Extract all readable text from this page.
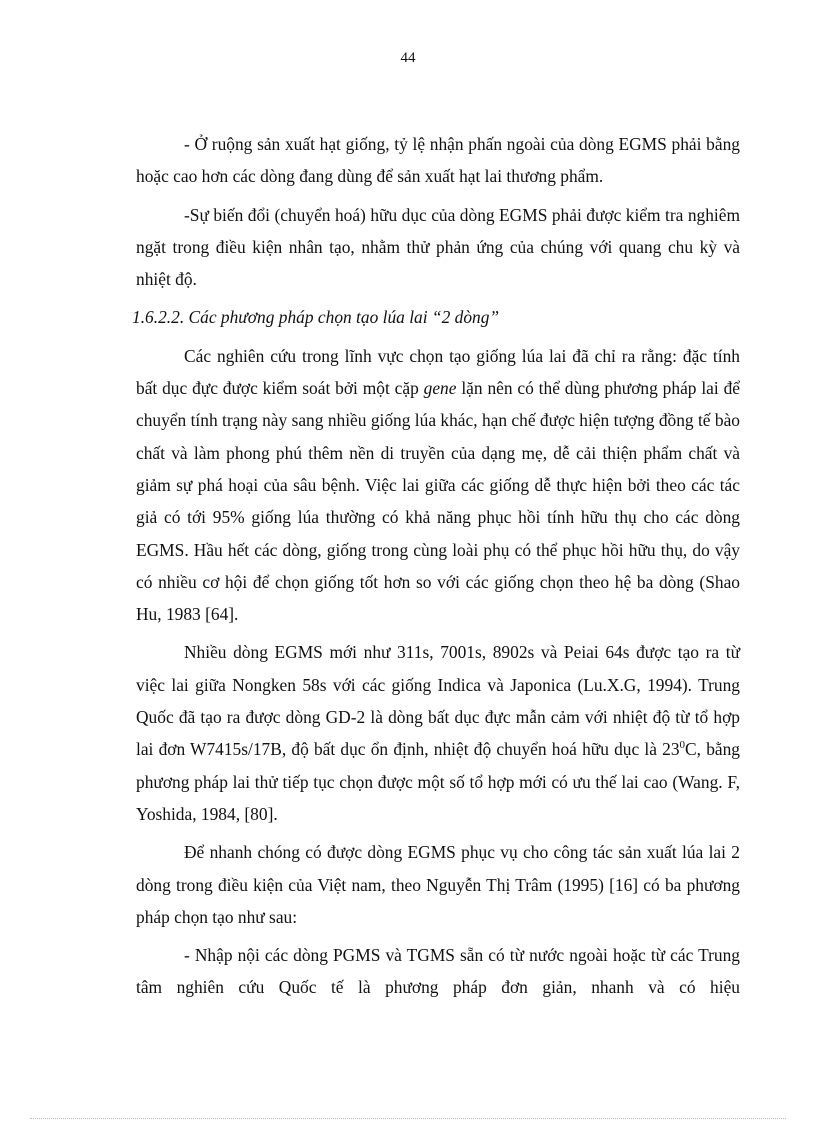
44

- Ở ruộng sản xuất hạt giống, tỷ lệ nhận phấn ngoài của dòng EGMS phải bằng hoặc cao hơn các dòng đang dùng để sản xuất hạt lai thương phẩm.

-Sự biến đổi (chuyển hoá) hữu dục của dòng EGMS phải được kiểm tra nghiêm ngặt trong điều kiện nhân tạo, nhằm thử phản ứng của chúng với quang chu kỳ và nhiệt độ.

1.6.2.2. Các phương pháp chọn tạo lúa lai “2 dòng”

Các nghiên cứu trong lĩnh vực chọn tạo giống lúa lai đã chỉ ra rằng: đặc tính bất dục đực được kiểm soát bởi một cặp gene lặn nên có thể dùng phương pháp lai để chuyển tính trạng này sang nhiều giống lúa khác, hạn chế được hiện tượng đồng tế bào chất và làm phong phú thêm nền di truyền của dạng mẹ, dễ cải thiện phẩm chất và giảm sự phá hoại của sâu bệnh. Việc lai giữa các giống dễ thực hiện bởi theo các tác giả có tới 95% giống lúa thường có khả năng phục hồi tính hữu thụ cho các dòng EGMS. Hầu hết các dòng, giống trong cùng loài phụ có thể phục hồi hữu thụ, do vậy có nhiều cơ hội để chọn giống tốt hơn so với các giống chọn theo hệ ba dòng (Shao Hu, 1983 [64].

Nhiều dòng EGMS mới như 311s, 7001s, 8902s và Peiai 64s được tạo ra từ việc lai giữa Nongken 58s với các giống Indica và Japonica (Lu.X.G, 1994). Trung Quốc đã tạo ra được dòng GD-2 là dòng bất dục đực mẫn cảm với nhiệt độ từ tổ hợp lai đơn W7415s/17B, độ bất dục ổn định, nhiệt độ chuyển hoá hữu dục là $23^0C$, bằng phương pháp lai thử tiếp tục chọn được một số tổ hợp mới có ưu thế lai cao (Wang. F, Yoshida, 1984, [80].

Để nhanh chóng có được dòng EGMS phục vụ cho công tác sản xuất lúa lai 2 dòng trong điều kiện của Việt nam, theo Nguyễn Thị Trâm (1995) [16] có ba phương pháp chọn tạo như sau:

- Nhập nội các dòng PGMS và TGMS sẵn có từ nước ngoài hoặc từ các Trung tâm nghiên cứu Quốc tế là phương pháp đơn giản, nhanh và có hiệu
